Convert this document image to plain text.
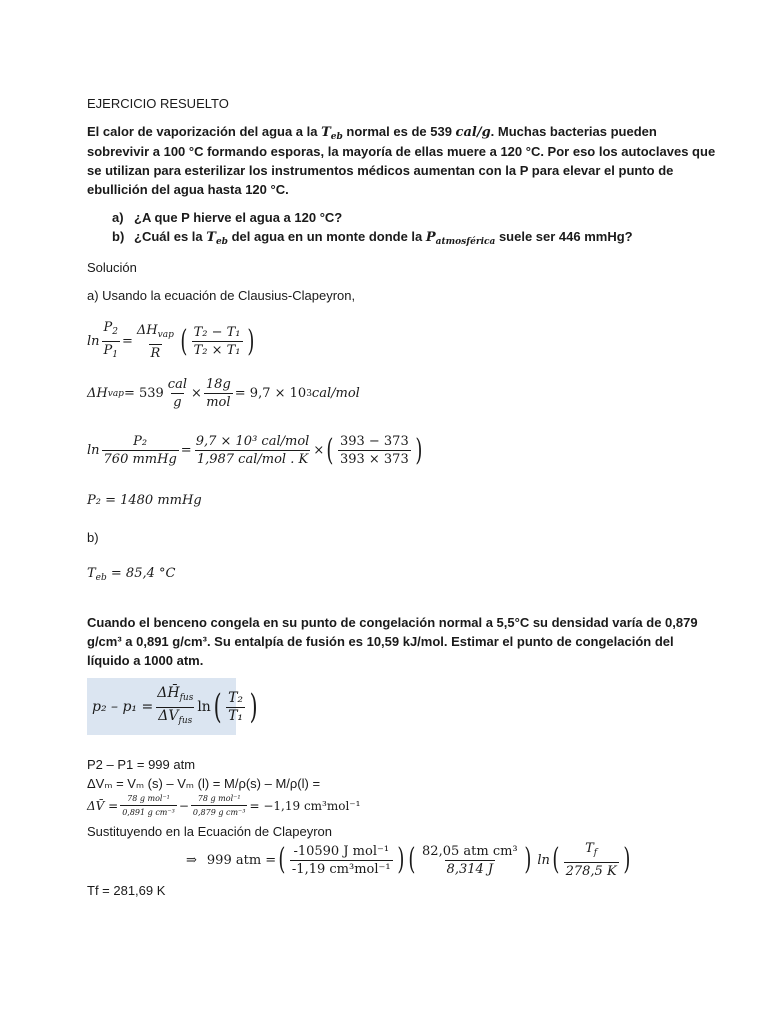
EJERCICIO RESUELTO
El calor de vaporización del agua a la $T_{eb}$ normal es de 539 cal/g. Muchas bacterias pueden
sobrevivir a 100 °C formando esporas, la mayoría de ellas muere a 120 °C. Por eso los autoclaves que
se utilizan para esterilizar los instrumentos médicos aumentan con la P para elevar el punto de
ebullición del agua hasta 120 °C.
a) ¿A que P hierve el agua a 120 °C?
b) ¿Cuál es la $T_{eb}$ del agua en un monte donde la $P_{atmosférica}$ suele ser 446 mmHg?
Solución
a) Usando la ecuación de Clausius-Clapeyron,
$\ln \frac{P_2}{P_1} = \frac{\Delta H_{vap}}{R}$ ( $\frac{\text{T₂ − T₁}}{\text{T₂ × T₁}}$ )
ΔH vap = $539 \frac{\text{cal}}{g} \times \frac{18g}{\text{mol}} = 9,7 \times 10$ 3 cal/mol
$\ln \frac{\text{P₂}}{\text{760 mmHg}} = \frac{\text{9,7 × 10³ cal/mol}}{\text{1,987 cal/mol . K}}$ × ( $\frac{393 - 373}{393 \times 373}$ )
P₂ = 1480 mmHg
b)
$T_{eb} = 85,4$ °C
Cuando el benceno congela en su punto de congelación normal a 5,5°C su densidad varía de 0,879
g/cm³ a 0,891 g/cm³. Su entalpía de fusión es 10,59 kJ/mol. Estimar el punto de congelación del
líquido a 1000 atm.
$p_2 - p_1 = \frac{\Delta H̄_{fus}}{\Delta V̄_{fus}}$ ln ( $\frac{\text{T₂}}{\text{T₁}}$ )
P2 – P1 = 999 atm
ΔVₘ = Vₘ (s) – Vₘ (l) = M/ρ(s) – M/ρ(l) =
ΔV̄ = $\frac{\text{78 g mol⁻¹}}{\text{0,891 g cm⁻³}} - \frac{\text{78 g mol⁻¹}}{\text{0,879 g cm⁻³}} = -1,19$ cm³mol⁻¹
Sustituyendo en la Ecuación de Clapeyron
⇒ 999 atm = ( $\frac{\text{-10590 J mol⁻¹}}{\text{-1,19 cm³mol⁻¹}}$ ) ( $\frac{\text{82,05 atm cm³}}{8,314 J}$ ) ln ( $\frac{T_f}{278,5 K}$ )
Tf = 281,69 K
